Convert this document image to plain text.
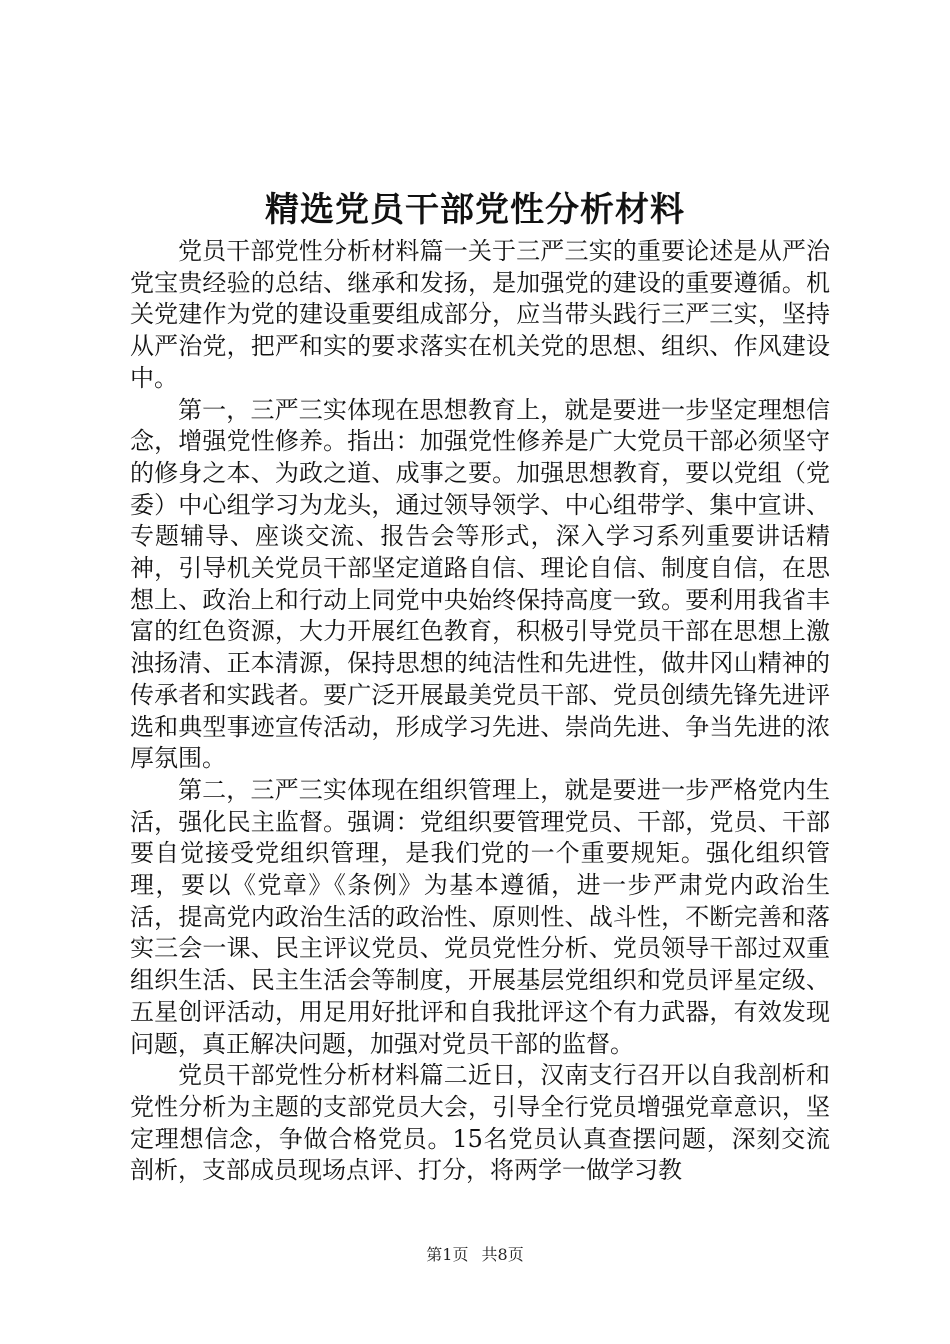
精选党员干部党性分析材料

党员干部党性分析材料篇一关于三严三实的重要论述是从严治党宝贵经验的总结、继承和发扬，是加强党的建设的重要遵循。机关党建作为党的建设重要组成部分，应当带头践行三严三实，坚持从严治党，把严和实的要求落实在机关党的思想、组织、作风建设中。

第一，三严三实体现在思想教育上，就是要进一步坚定理想信念，增强党性修养。指出：加强党性修养是广大党员干部必须坚守的修身之本、为政之道、成事之要。加强思想教育，要以党组（党委）中心组学习为龙头，通过领导领学、中心组带学、集中宣讲、专题辅导、座谈交流、报告会等形式，深入学习系列重要讲话精神，引导机关党员干部坚定道路自信、理论自信、制度自信，在思想上、政治上和行动上同党中央始终保持高度一致。要利用我省丰富的红色资源，大力开展红色教育，积极引导党员干部在思想上激浊扬清、正本清源，保持思想的纯洁性和先进性，做井冈山精神的传承者和实践者。要广泛开展最美党员干部、党员创绩先锋先进评选和典型事迹宣传活动，形成学习先进、崇尚先进、争当先进的浓厚氛围。

第二，三严三实体现在组织管理上，就是要进一步严格党内生活，强化民主监督。强调：党组织要管理党员、干部，党员、干部要自觉接受党组织管理，是我们党的一个重要规矩。强化组织管理，要以《党章》《条例》为基本遵循，进一步严肃党内政治生活，提高党内政治生活的政治性、原则性、战斗性，不断完善和落实三会一课、民主评议党员、党员党性分析、党员领导干部过双重组织生活、民主生活会等制度，开展基层党组织和党员评星定级、五星创评活动，用足用好批评和自我批评这个有力武器，有效发现问题，真正解决问题，加强对党员干部的监督。

党员干部党性分析材料篇二近日，汉南支行召开以自我剖析和党性分析为主题的支部党员大会，引导全行党员增强党章意识，坚定理想信念，争做合格党员。15名党员认真查摆问题，深刻交流剖析，支部成员现场点评、打分，将两学一做学习教

第1页 共8页
